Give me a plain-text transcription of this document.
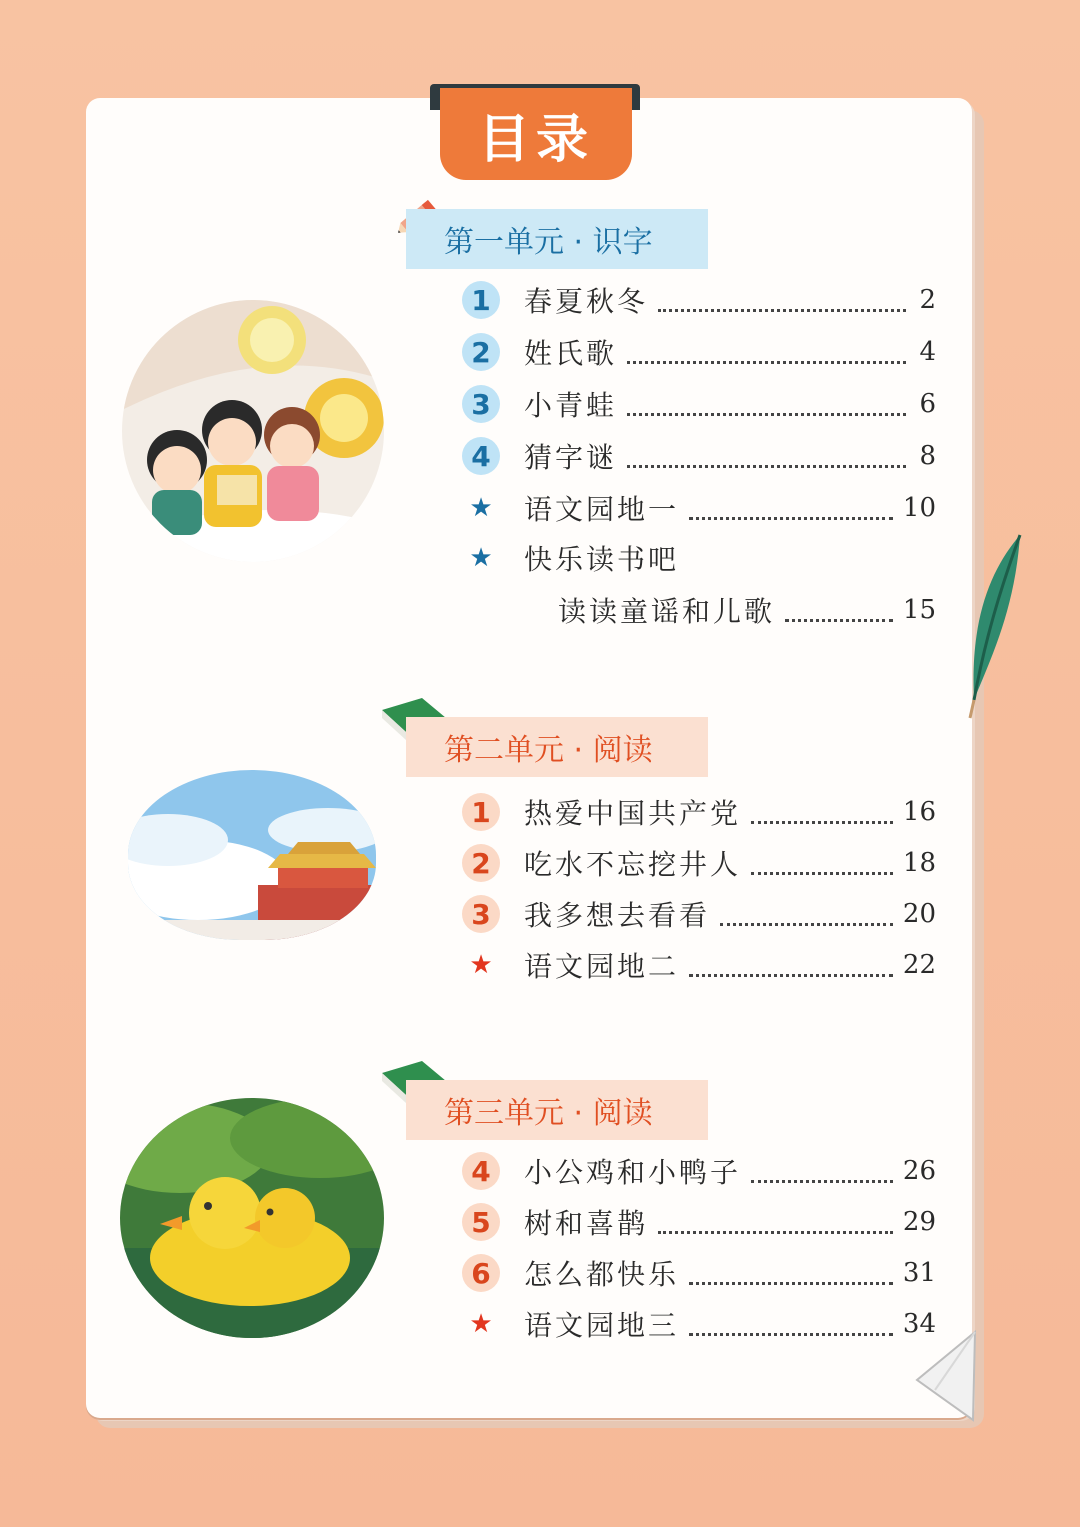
目录
第一单元 · 识字
1	春夏秋冬	2
2	姓氏歌	4
3	小青蛙	6
4	猜字谜	8
★ 语文园地一	10
★ 快乐读书吧
读读童谣和儿歌	15
第二单元 · 阅读
1	热爱中国共产党	16
2	吃水不忘挖井人	18
3	我多想去看看	20
★ 语文园地二	22
第三单元 · 阅读
4	小公鸡和小鸭子	26
5	树和喜鹊	29
6	怎么都快乐	31
★ 语文园地三	34
